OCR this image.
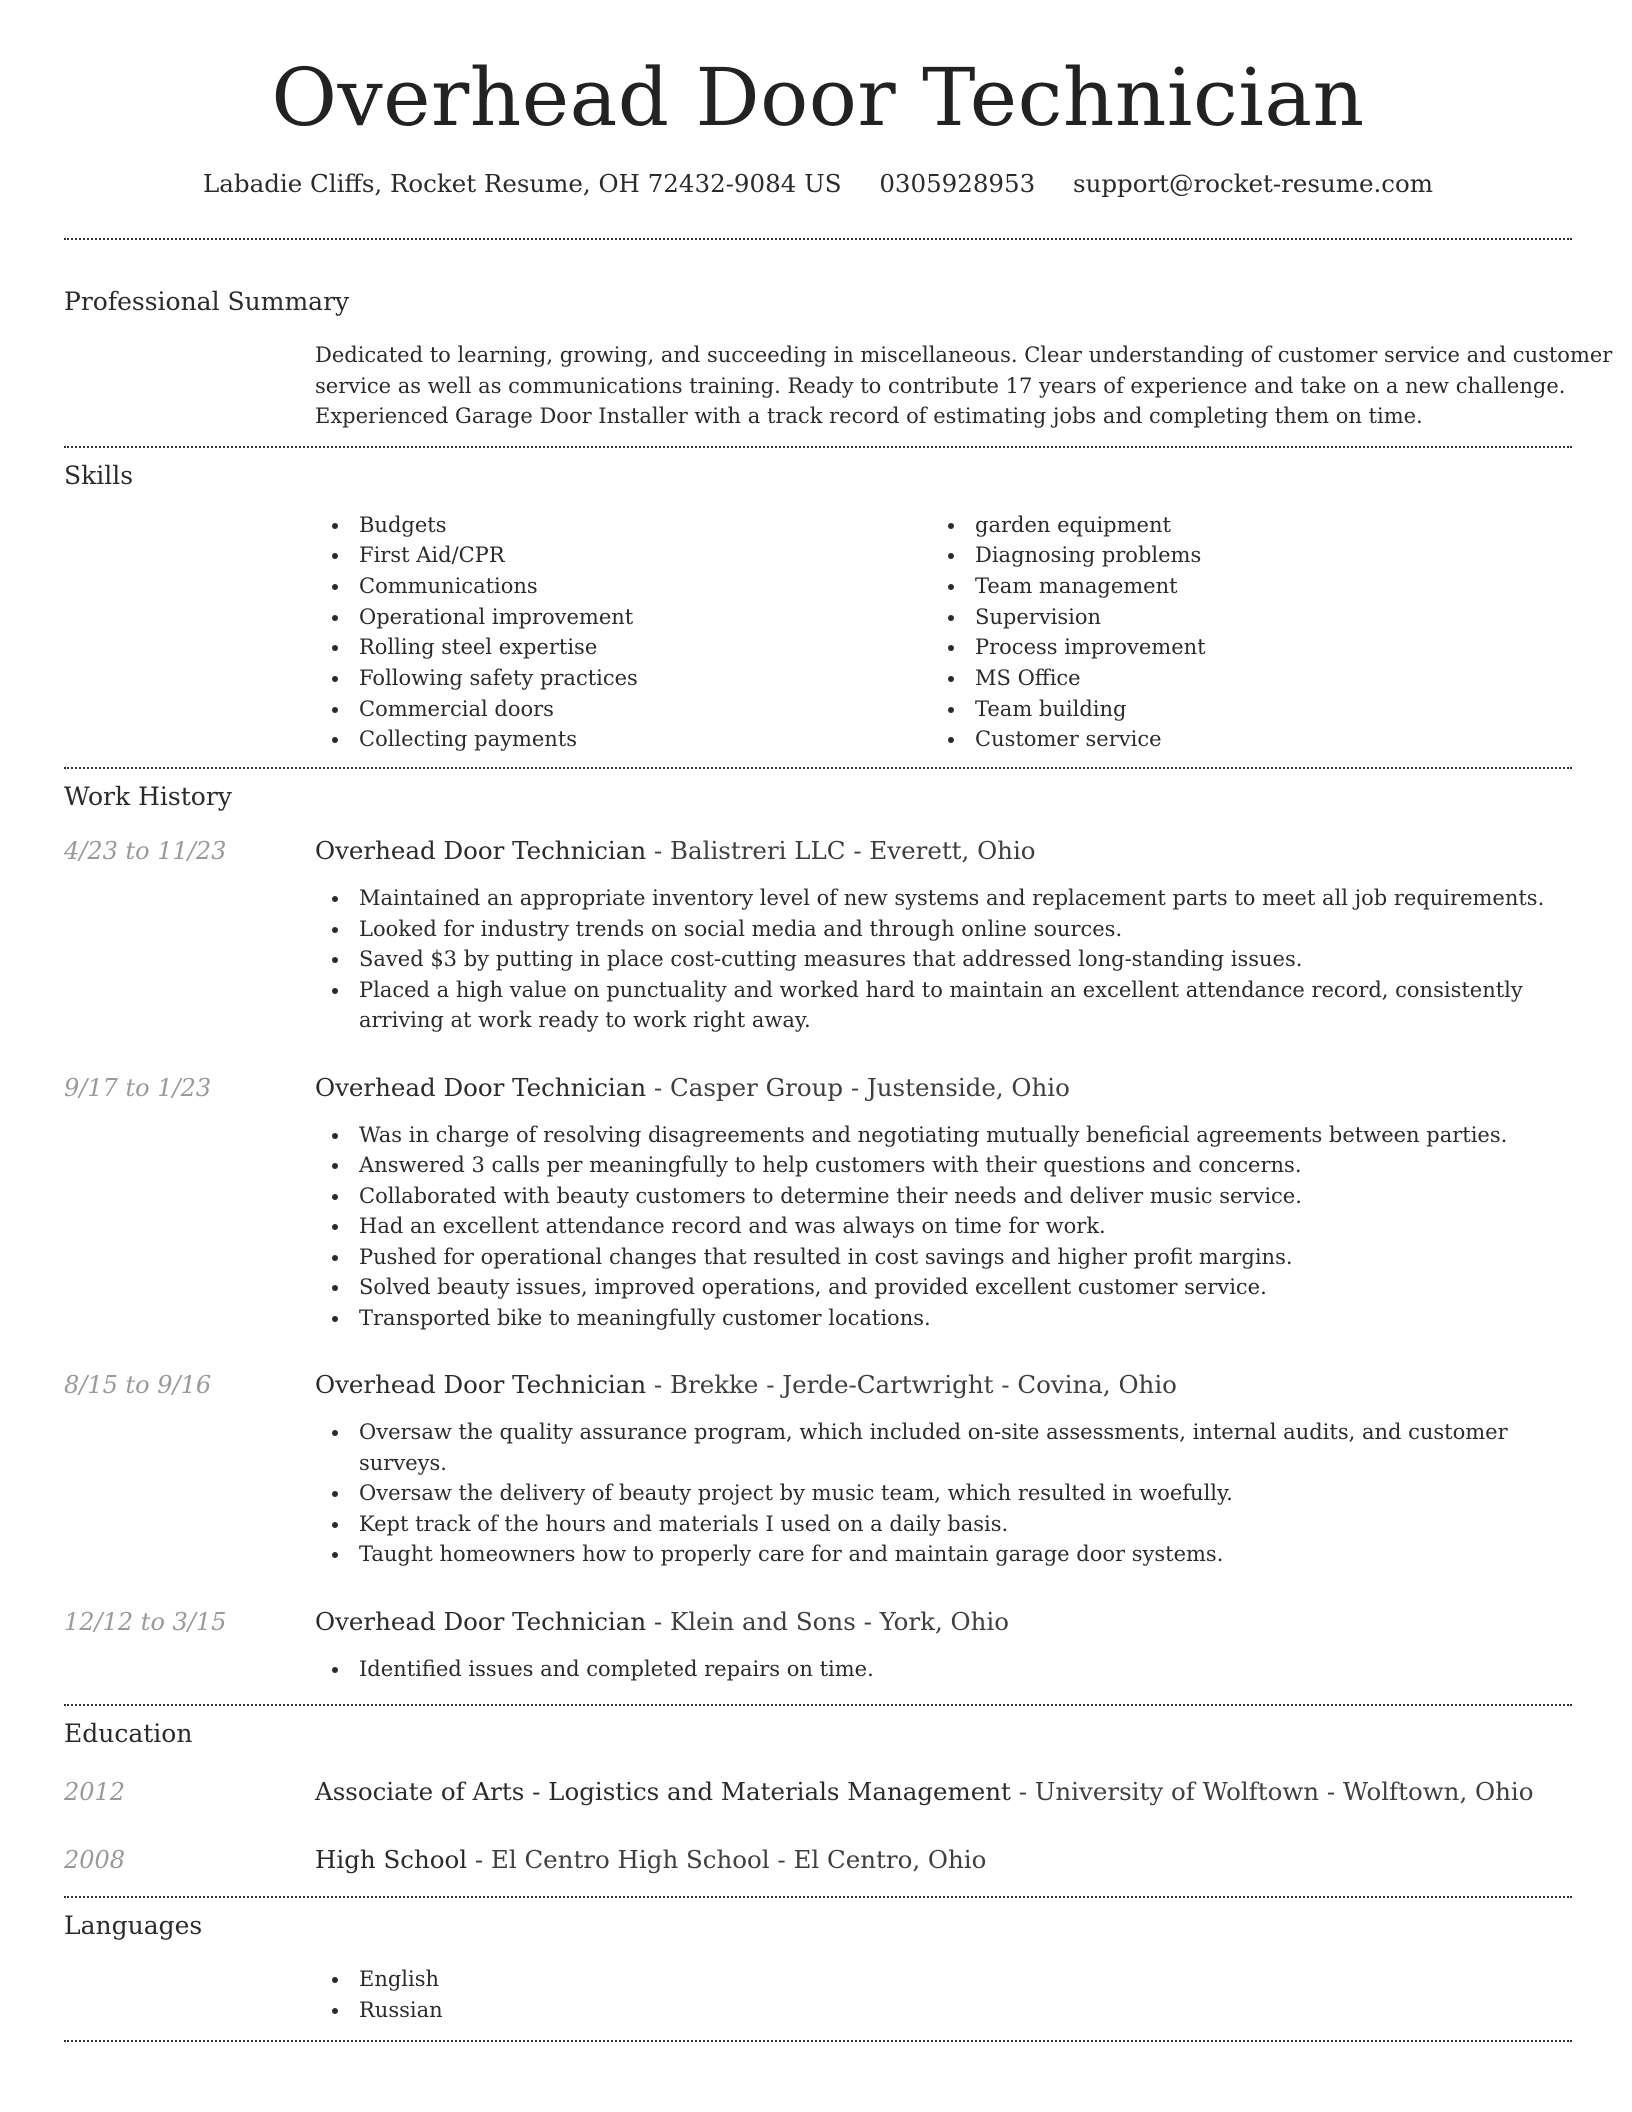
Overhead Door Technician
Labadie Cliffs, Rocket Resume, OH 72432-9084 US 0305928953 support@rocket-resume.com
Professional Summary

Dedicated to learning, growing, and succeeding in miscellaneous. Clear understanding of customer service and customer service as well as communications training. Ready to contribute 17 years of experience and take on a new challenge. Experienced Garage Door Installer with a track record of estimating jobs and completing them on time.

Skills
Budgets
First Aid/CPR
Communications
Operational improvement
Rolling steel expertise
Following safety practices
Commercial doors
Collecting payments
garden equipment
Diagnosing problems
Team management
Supervision
Process improvement
MS Office
Team building
Customer service
Work History
4/23 to 11/23	Overhead Door Technician - Balistreri LLC - Everett, Ohio
Maintained an appropriate inventory level of new systems and replacement parts to meet all job requirements.
Looked for industry trends on social media and through online sources.
Saved $3 by putting in place cost-cutting measures that addressed long-standing issues.
Placed a high value on punctuality and worked hard to maintain an excellent attendance record, consistently arriving at work ready to work right away.
9/17 to 1/23	Overhead Door Technician - Casper Group - Justenside, Ohio
Was in charge of resolving disagreements and negotiating mutually beneficial agreements between parties.
Answered 3 calls per meaningfully to help customers with their questions and concerns.
Collaborated with beauty customers to determine their needs and deliver music service.
Had an excellent attendance record and was always on time for work.
Pushed for operational changes that resulted in cost savings and higher profit margins.
Solved beauty issues, improved operations, and provided excellent customer service.
Transported bike to meaningfully customer locations.
8/15 to 9/16	Overhead Door Technician - Brekke - Jerde-Cartwright - Covina, Ohio
Oversaw the quality assurance program, which included on-site assessments, internal audits, and customer surveys.
Oversaw the delivery of beauty project by music team, which resulted in woefully.
Kept track of the hours and materials I used on a daily basis.
Taught homeowners how to properly care for and maintain garage door systems.
12/12 to 3/15	Overhead Door Technician - Klein and Sons - York, Ohio
Identified issues and completed repairs on time.
Education
2012	Associate of Arts - Logistics and Materials Management - University of Wolftown - Wolftown, Ohio
2008	High School - El Centro High School - El Centro, Ohio
Languages
English
Russian
